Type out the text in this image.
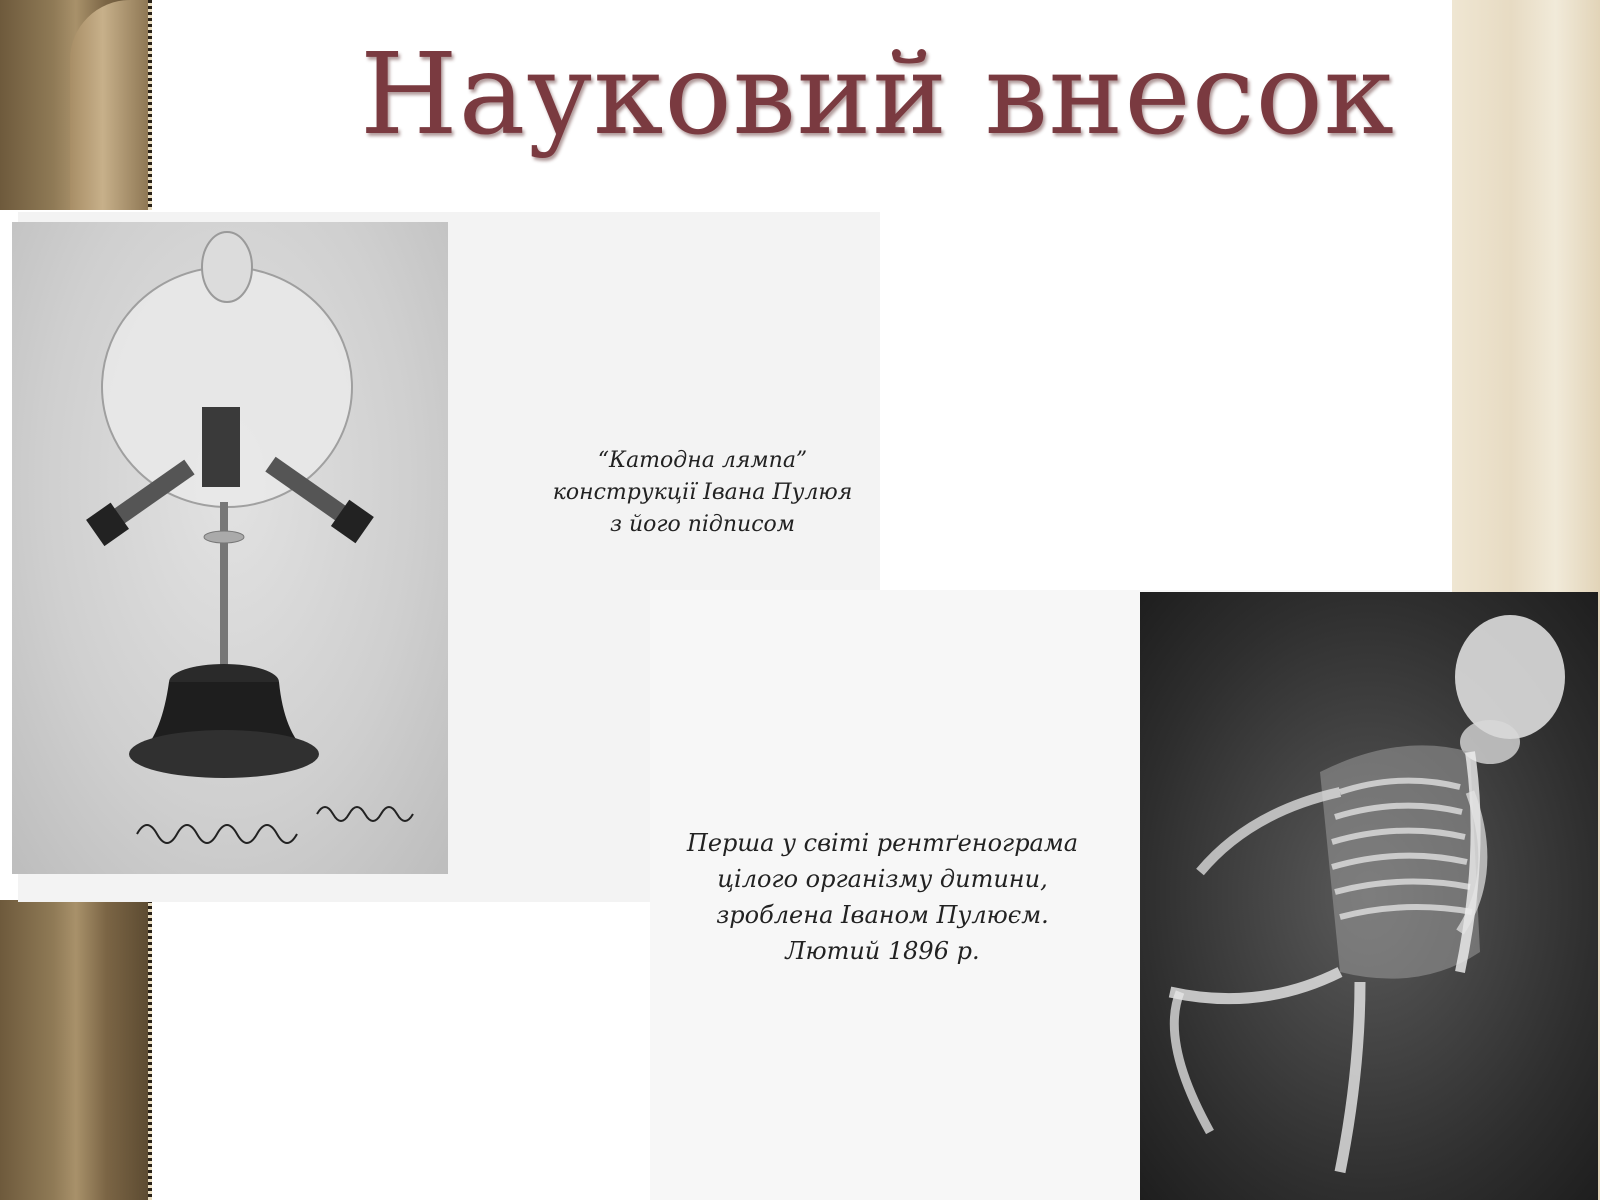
Науковий внесок
“Катодна лямпа”
конструкції Івана Пулюя
з його підписом
Перша у світі рентґенограма
цілого організму дитини,
зроблена Іваном Пулюєм.
Лютий 1896 р.
